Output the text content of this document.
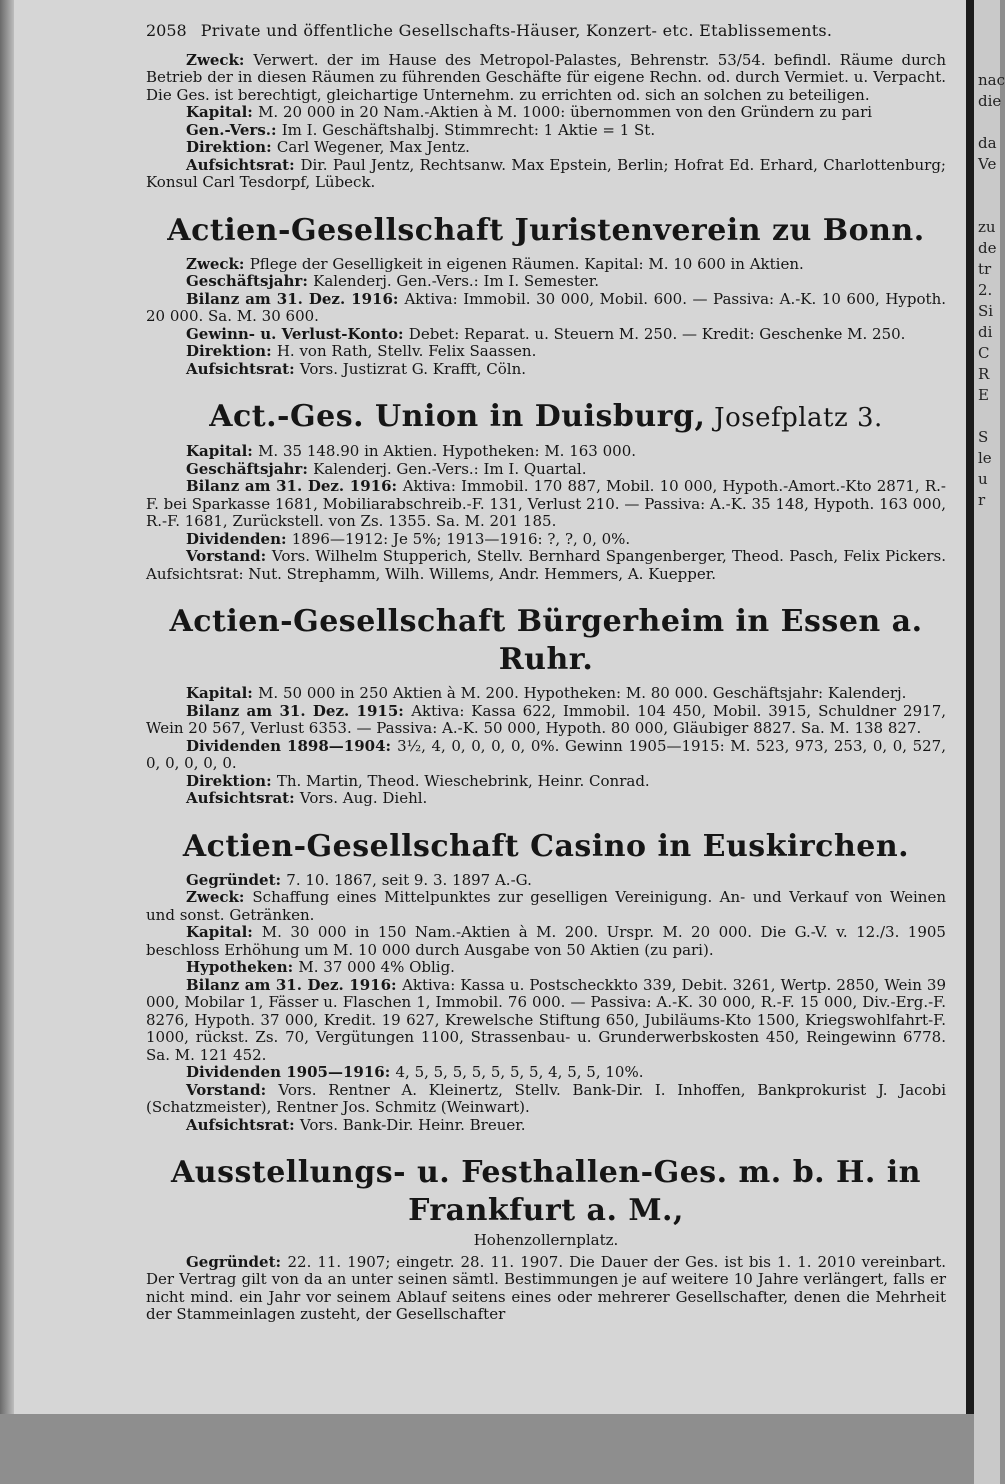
2058 Private und öffentliche Gesellschafts-Häuser, Konzert- etc. Etablissements.

Zweck: Verwert. der im Hause des Metropol-Palastes, Behrenstr. 53/54. befindl. Räume durch Betrieb der in diesen Räumen zu führenden Geschäfte für eigene Rechn. od. durch Vermiet. u. Verpacht. Die Ges. ist berechtigt, gleichartige Unternehm. zu errichten od. sich an solchen zu beteiligen.

Kapital: M. 20 000 in 20 Nam.-Aktien à M. 1000: übernommen von den Gründern zu pari

Gen.-Vers.: Im I. Geschäftshalbj. Stimmrecht: 1 Aktie = 1 St.

Direktion: Carl Wegener, Max Jentz.

Aufsichtsrat: Dir. Paul Jentz, Rechtsanw. Max Epstein, Berlin; Hofrat Ed. Erhard, Charlottenburg; Konsul Carl Tesdorpf, Lübeck.

Actien-Gesellschaft Juristenverein zu Bonn.

Zweck: Pflege der Geselligkeit in eigenen Räumen. Kapital: M. 10 600 in Aktien.

Geschäftsjahr: Kalenderj. Gen.-Vers.: Im I. Semester.

Bilanz am 31. Dez. 1916: Aktiva: Immobil. 30 000, Mobil. 600. — Passiva: A.-K. 10 600, Hypoth. 20 000. Sa. M. 30 600.

Gewinn- u. Verlust-Konto: Debet: Reparat. u. Steuern M. 250. — Kredit: Geschenke M. 250.

Direktion: H. von Rath, Stellv. Felix Saassen.

Aufsichtsrat: Vors. Justizrat G. Krafft, Cöln.

Act.-Ges. Union in Duisburg, Josefplatz 3.

Kapital: M. 35 148.90 in Aktien. Hypotheken: M. 163 000.

Geschäftsjahr: Kalenderj. Gen.-Vers.: Im I. Quartal.

Bilanz am 31. Dez. 1916: Aktiva: Immobil. 170 887, Mobil. 10 000, Hypoth.-Amort.-Kto 2871, R.-F. bei Sparkasse 1681, Mobiliarabschreib.-F. 131, Verlust 210. — Passiva: A.-K. 35 148, Hypoth. 163 000, R.-F. 1681, Zurückstell. von Zs. 1355. Sa. M. 201 185.

Dividenden: 1896—1912: Je 5%; 1913—1916: ?, ?, 0, 0%.

Vorstand: Vors. Wilhelm Stupperich, Stellv. Bernhard Spangenberger, Theod. Pasch, Felix Pickers. Aufsichtsrat: Nut. Strephamm, Wilh. Willems, Andr. Hemmers, A. Kuepper.

Actien-Gesellschaft Bürgerheim in Essen a. Ruhr.

Kapital: M. 50 000 in 250 Aktien à M. 200. Hypotheken: M. 80 000. Geschäftsjahr: Kalenderj.

Bilanz am 31. Dez. 1915: Aktiva: Kassa 622, Immobil. 104 450, Mobil. 3915, Schuldner 2917, Wein 20 567, Verlust 6353. — Passiva: A.-K. 50 000, Hypoth. 80 000, Gläubiger 8827. Sa. M. 138 827.

Dividenden 1898—1904: 3½, 4, 0, 0, 0, 0, 0%. Gewinn 1905—1915: M. 523, 973, 253, 0, 0, 527, 0, 0, 0, 0, 0.

Direktion: Th. Martin, Theod. Wieschebrink, Heinr. Conrad.

Aufsichtsrat: Vors. Aug. Diehl.

Actien-Gesellschaft Casino in Euskirchen.

Gegründet: 7. 10. 1867, seit 9. 3. 1897 A.-G.

Zweck: Schaffung eines Mittelpunktes zur geselligen Vereinigung. An- und Verkauf von Weinen und sonst. Getränken.

Kapital: M. 30 000 in 150 Nam.-Aktien à M. 200. Urspr. M. 20 000. Die G.-V. v. 12./3. 1905 beschloss Erhöhung um M. 10 000 durch Ausgabe von 50 Aktien (zu pari).

Hypotheken: M. 37 000 4% Oblig.

Bilanz am 31. Dez. 1916: Aktiva: Kassa u. Postscheckkto 339, Debit. 3261, Wertp. 2850, Wein 39 000, Mobilar 1, Fässer u. Flaschen 1, Immobil. 76 000. — Passiva: A.-K. 30 000, R.-F. 15 000, Div.-Erg.-F. 8276, Hypoth. 37 000, Kredit. 19 627, Krewelsche Stiftung 650, Jubiläums-Kto 1500, Kriegswohlfahrt-F. 1000, rückst. Zs. 70, Vergütungen 1100, Strassenbau- u. Grunderwerbskosten 450, Reingewinn 6778. Sa. M. 121 452.

Dividenden 1905—1916: 4, 5, 5, 5, 5, 5, 5, 5, 4, 5, 5, 10%.

Vorstand: Vors. Rentner A. Kleinertz, Stellv. Bank-Dir. I. Inhoffen, Bankprokurist J. Jacobi (Schatzmeister), Rentner Jos. Schmitz (Weinwart).

Aufsichtsrat: Vors. Bank-Dir. Heinr. Breuer.

Ausstellungs- u. Festhallen-Ges. m. b. H. in Frankfurt a. M.,
Hohenzollernplatz.

Gegründet: 22. 11. 1907; eingetr. 28. 11. 1907. Die Dauer der Ges. ist bis 1. 1. 2010 vereinbart. Der Vertrag gilt von da an unter seinen sämtl. Bestimmungen je auf weitere 10 Jahre verlängert, falls er nicht mind. ein Jahr vor seinem Ablauf seitens eines oder mehrerer Gesellschafter, denen die Mehrheit der Stammeinlagen zusteht, der Gesellschafter

nac
die

da
Ve

zu
de
tr
2.
Si
di
C
R
E

S
le
u
r
